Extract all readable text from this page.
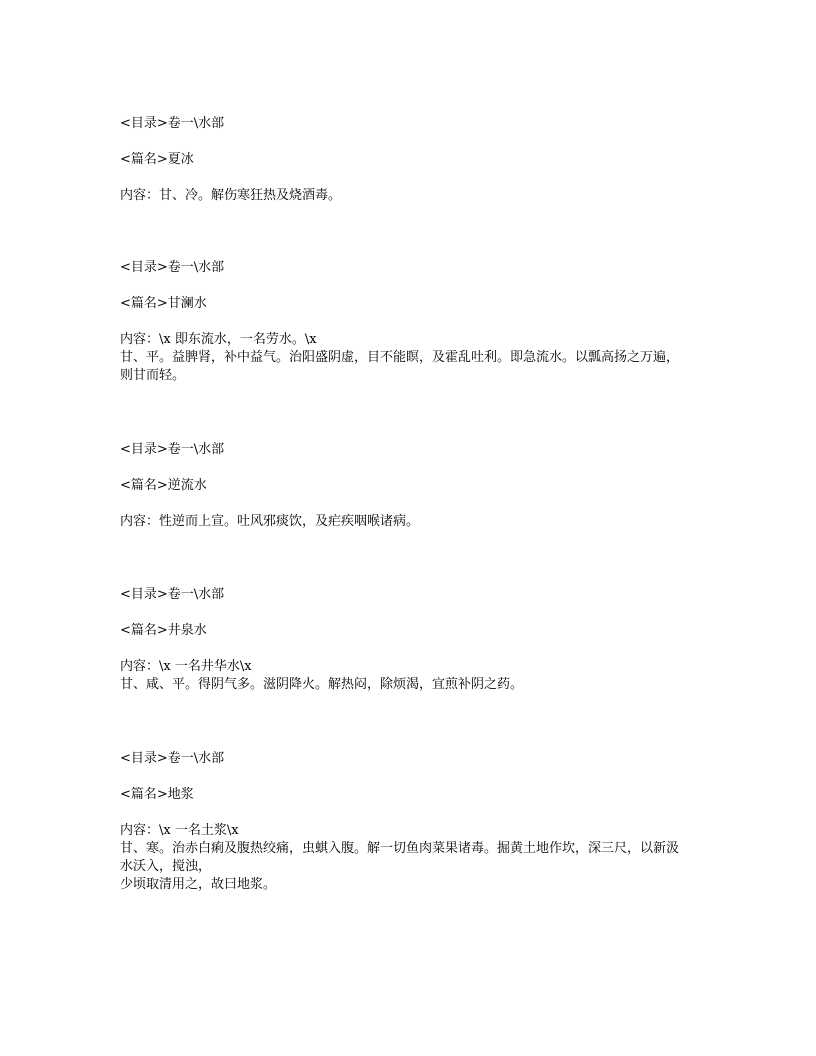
<目录>卷一\水部
<篇名>夏冰
内容：甘、冷。解伤寒狂热及烧酒毒。
<目录>卷一\水部
<篇名>甘澜水
内容：\x 即东流水，一名劳水。\x
甘、平。益脾肾，补中益气。治阳盛阴虚，目不能瞑，及霍乱吐利。即急流水。以瓢高扬之万遍，则甘而轻。
<目录>卷一\水部
<篇名>逆流水
内容：性逆而上宣。吐风邪痰饮，及疟疾咽喉诸病。
<目录>卷一\水部
<篇名>井泉水
内容：\x 一名井华水\x
甘、咸、平。得阴气多。滋阴降火。解热闷，除烦渴，宜煎补阴之药。
<目录>卷一\水部
<篇名>地浆
内容：\x 一名土浆\x
甘、寒。治赤白痢及腹热绞痛，虫蜞入腹。解一切鱼肉菜果诸毒。掘黄土地作坎，深三尺，以新汲水沃入，搅浊，
少顷取清用之，故曰地浆。
